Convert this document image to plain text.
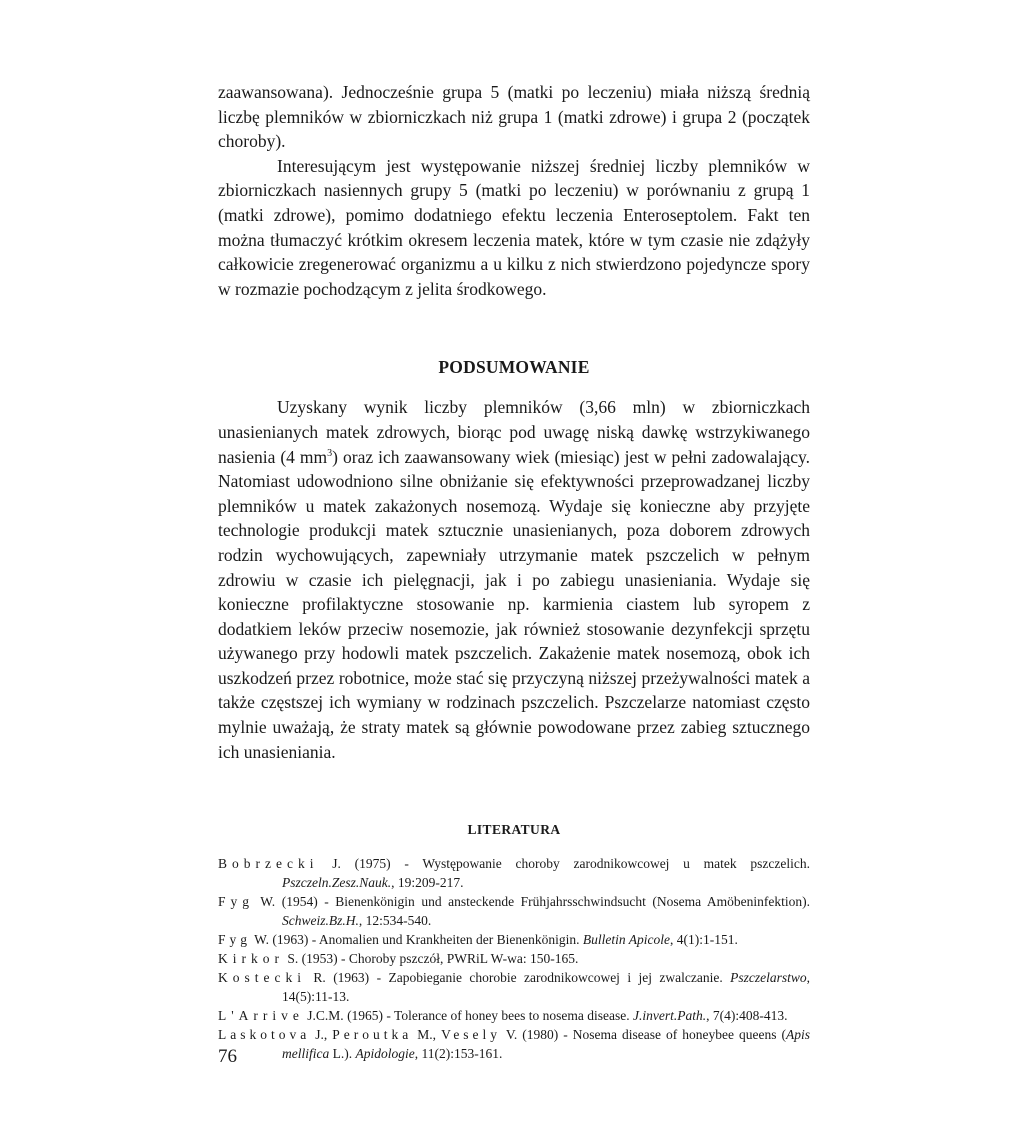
zaawansowana). Jednocześnie grupa 5 (matki po leczeniu) miała niższą średnią liczbę plemników w zbiorniczkach niż grupa 1 (matki zdrowe) i grupa 2 (początek choroby).

Interesującym jest występowanie niższej średniej liczby plemników w zbiorniczkach nasiennych grupy 5 (matki po leczeniu) w porównaniu z grupą 1 (matki zdrowe), pomimo dodatniego efektu leczenia Enteroseptolem. Fakt ten można tłumaczyć krótkim okresem leczenia matek, które w tym czasie nie zdążyły całkowicie zregenerować organizmu a u kilku z nich stwierdzono pojedyncze spory w rozmazie pochodzącym z jelita środkowego.

PODSUMOWANIE

Uzyskany wynik liczby plemników (3,66 mln) w zbiorniczkach unasienianych matek zdrowych, biorąc pod uwagę niską dawkę wstrzykiwanego nasienia (4 $mm^3$) oraz ich zaawansowany wiek (miesiąc) jest w pełni zadowalający. Natomiast udowodniono silne obniżanie się efektywności przeprowadzanej liczby plemników u matek zakażonych nosemozą. Wydaje się konieczne aby przyjęte technologie produkcji matek sztucznie unasienianych, poza doborem zdrowych rodzin wychowujących, zapewniały utrzymanie matek pszczelich w pełnym zdrowiu w czasie ich pielęgnacji, jak i po zabiegu unasieniania. Wydaje się konieczne profilaktyczne stosowanie np. karmienia ciastem lub syropem z dodatkiem leków przeciw nosemozie, jak również stosowanie dezynfekcji sprzętu używanego przy hodowli matek pszczelich. Zakażenie matek nosemozą, obok ich uszkodzeń przez robotnice, może stać się przyczyną niższej przeżywalności matek a także częstszej ich wymiany w rodzinach pszczelich. Pszczelarze natomiast często mylnie uważają, że straty matek są głównie powodowane przez zabieg sztucznego ich unasieniania.

LITERATURA
Bobrzecki J. (1975) - Występowanie choroby zarodnikowcowej u matek pszczelich. Pszczeln.Zesz.Nauk., 19:209-217.
Fyg W. (1954) - Bienenkönigin und ansteckende Frühjahrsschwindsucht (Nosema Amöbeninfektion). Schweiz.Bz.H., 12:534-540.
Fyg W. (1963) - Anomalien und Krankheiten der Bienenkönigin. Bulletin Apicole, 4(1):1-151.
Kirkor S. (1953) - Choroby pszczół, PWRiL W-wa: 150-165.
Kostecki R. (1963) - Zapobieganie chorobie zarodnikowcowej i jej zwalczanie. Pszczelarstwo, 14(5):11-13.
L'Arrive J.C.M. (1965) - Tolerance of honey bees to nosema disease. J.invert.Path., 7(4):408-413.
Laskotova J., Peroutka M., Vesely V. (1980) - Nosema disease of honeybee queens (Apis mellifica L.). Apidologie, 11(2):153-161.
76
